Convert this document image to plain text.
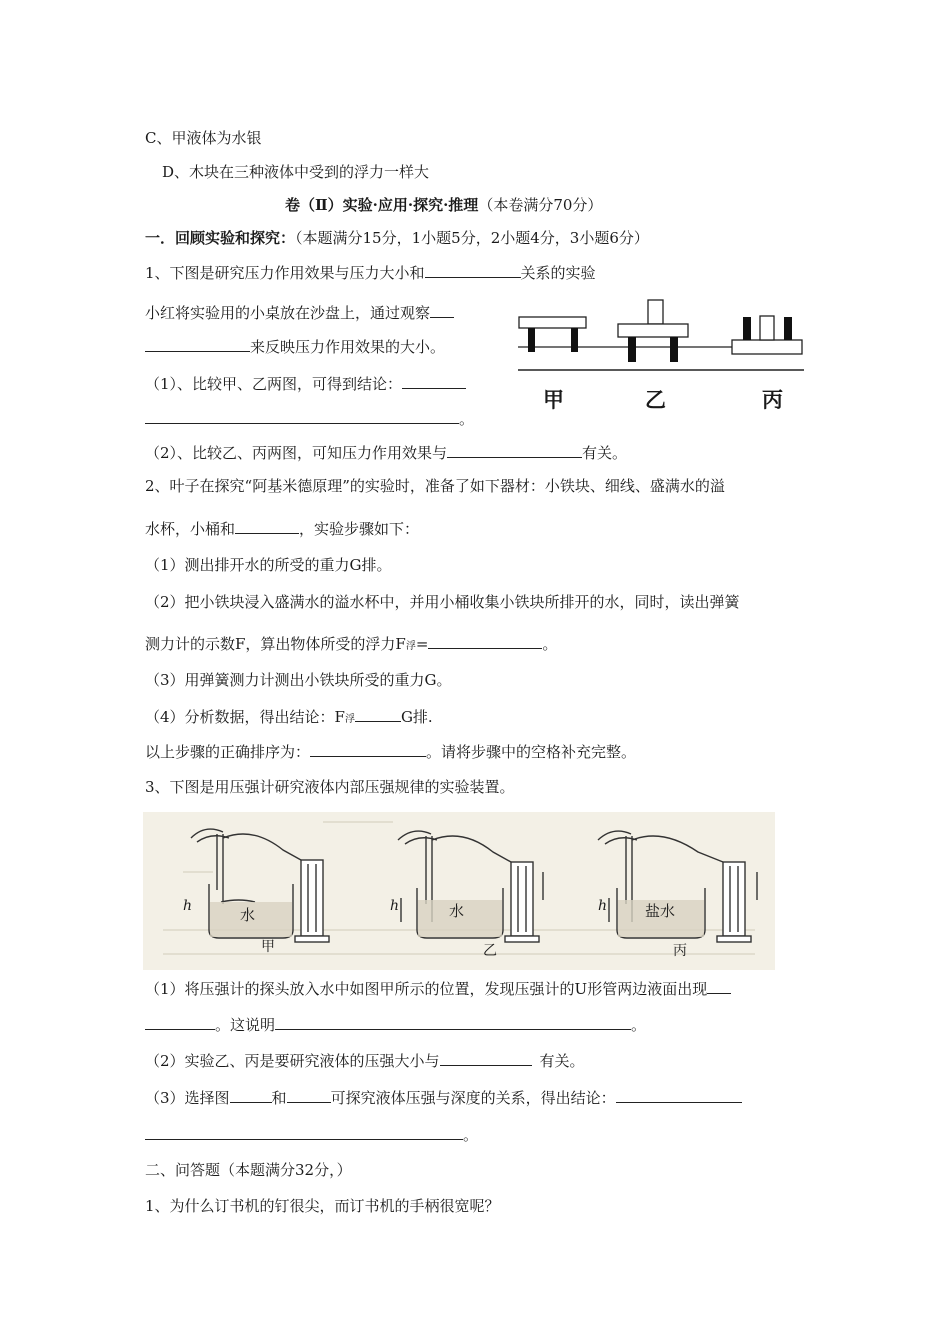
C、甲液体为水银
D、木块在三种液体中受到的浮力一样大
卷（Ⅱ）实验·应用·探究·推理（本卷满分70分）
一．回顾实验和探究：（本题满分15分，1小题5分，2小题4分，3小题6分）
1、下图是研究压力作用效果与压力大小和	关系的实验
小红将实验用的小桌放在沙盘上，通过观察
来反映压力作用效果的大小。
（1）、比较甲、乙两图，可得到结论：
。
（2）、比较乙、丙两图，可知压力作用效果与	有关。
甲	乙	丙
2、叶子在探究“阿基米德原理”的实验时，准备了如下器材：小铁块、细线、盛满水的溢
水杯，小桶和	，实验步骤如下：
（1）测出排开水的所受的重力G排。
（2）把小铁块浸入盛满水的溢水杯中，并用小桶收集小铁块所排开的水，同时，读出弹簧
测力计的示数F，算出物体所受的浮力F浮=	。
（3）用弹簧测力计测出小铁块所受的重力G。
（4）分析数据，得出结论：F浮	G排.
以上步骤的正确排序为：	。请将步骤中的空格补充完整。
3、下图是用压强计研究液体内部压强规律的实验装置。
h	h	h
水	水	盐水
甲	乙	丙
（1）将压强计的探头放入水中如图甲所示的位置，发现压强计的U形管两边液面出现
。这说明	。
（2）实验乙、丙是要研究液体的压强大小与	有关。
（3）选择图	和	可探究液体压强与深度的关系，得出结论：
。
二、问答题（本题满分32分，）
1、为什么订书机的钉很尖，而订书机的手柄很宽呢？
